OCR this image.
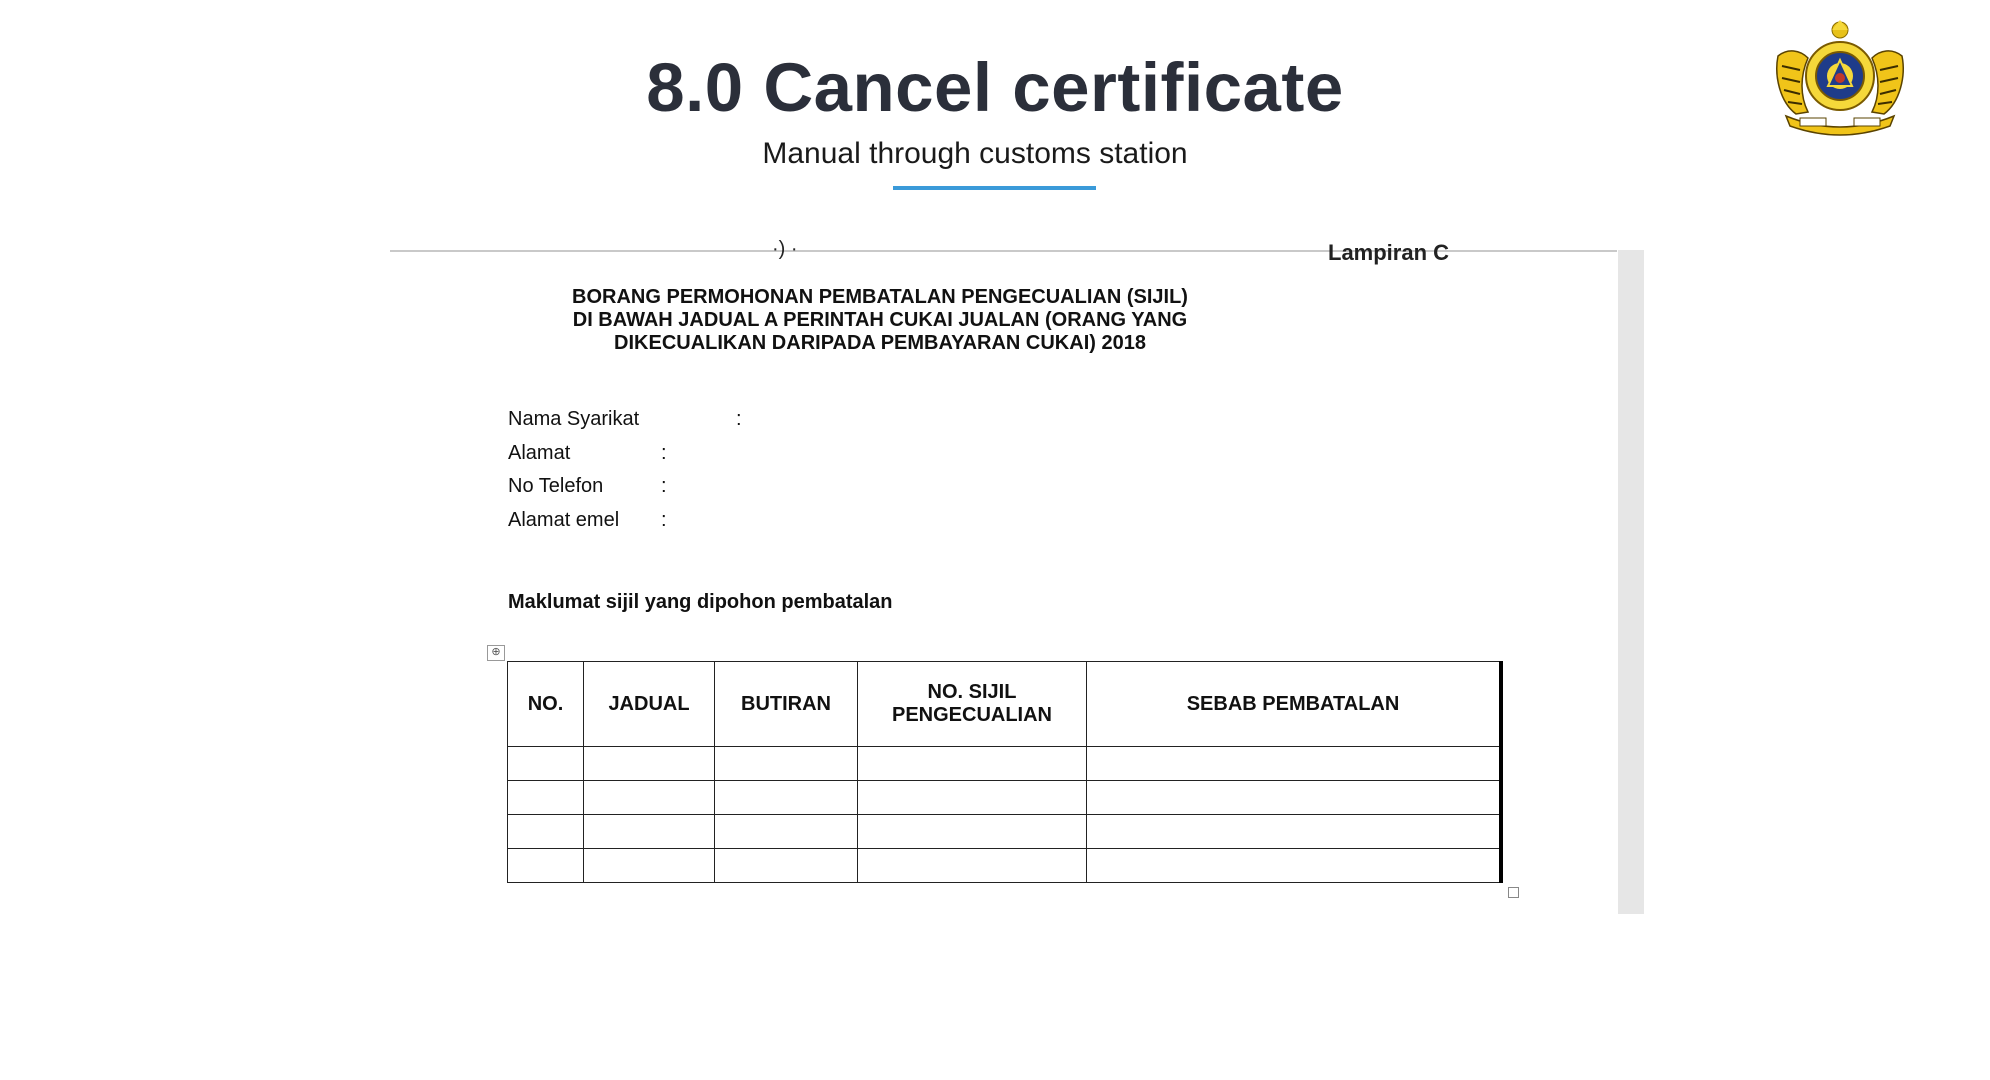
8.0 Cancel certificate
Manual through customs station
·) ·	Lampiran C
BORANG PERMOHONAN PEMBATALAN PENGECUALIAN (SIJIL)
DI BAWAH JADUAL A PERINTAH CUKAI JUALAN (ORANG YANG
DIKECUALIKAN DARIPADA PEMBAYARAN CUKAI) 2018
Nama Syarikat	:
Alamat	:
No Telefon	:
Alamat emel :
Maklumat sijil yang dipohon pembatalan
⊕
NO.	JADUAL	BUTIRAN	NO. SIJIL
PENGECUALIAN	SEBAB PEMBATALAN
